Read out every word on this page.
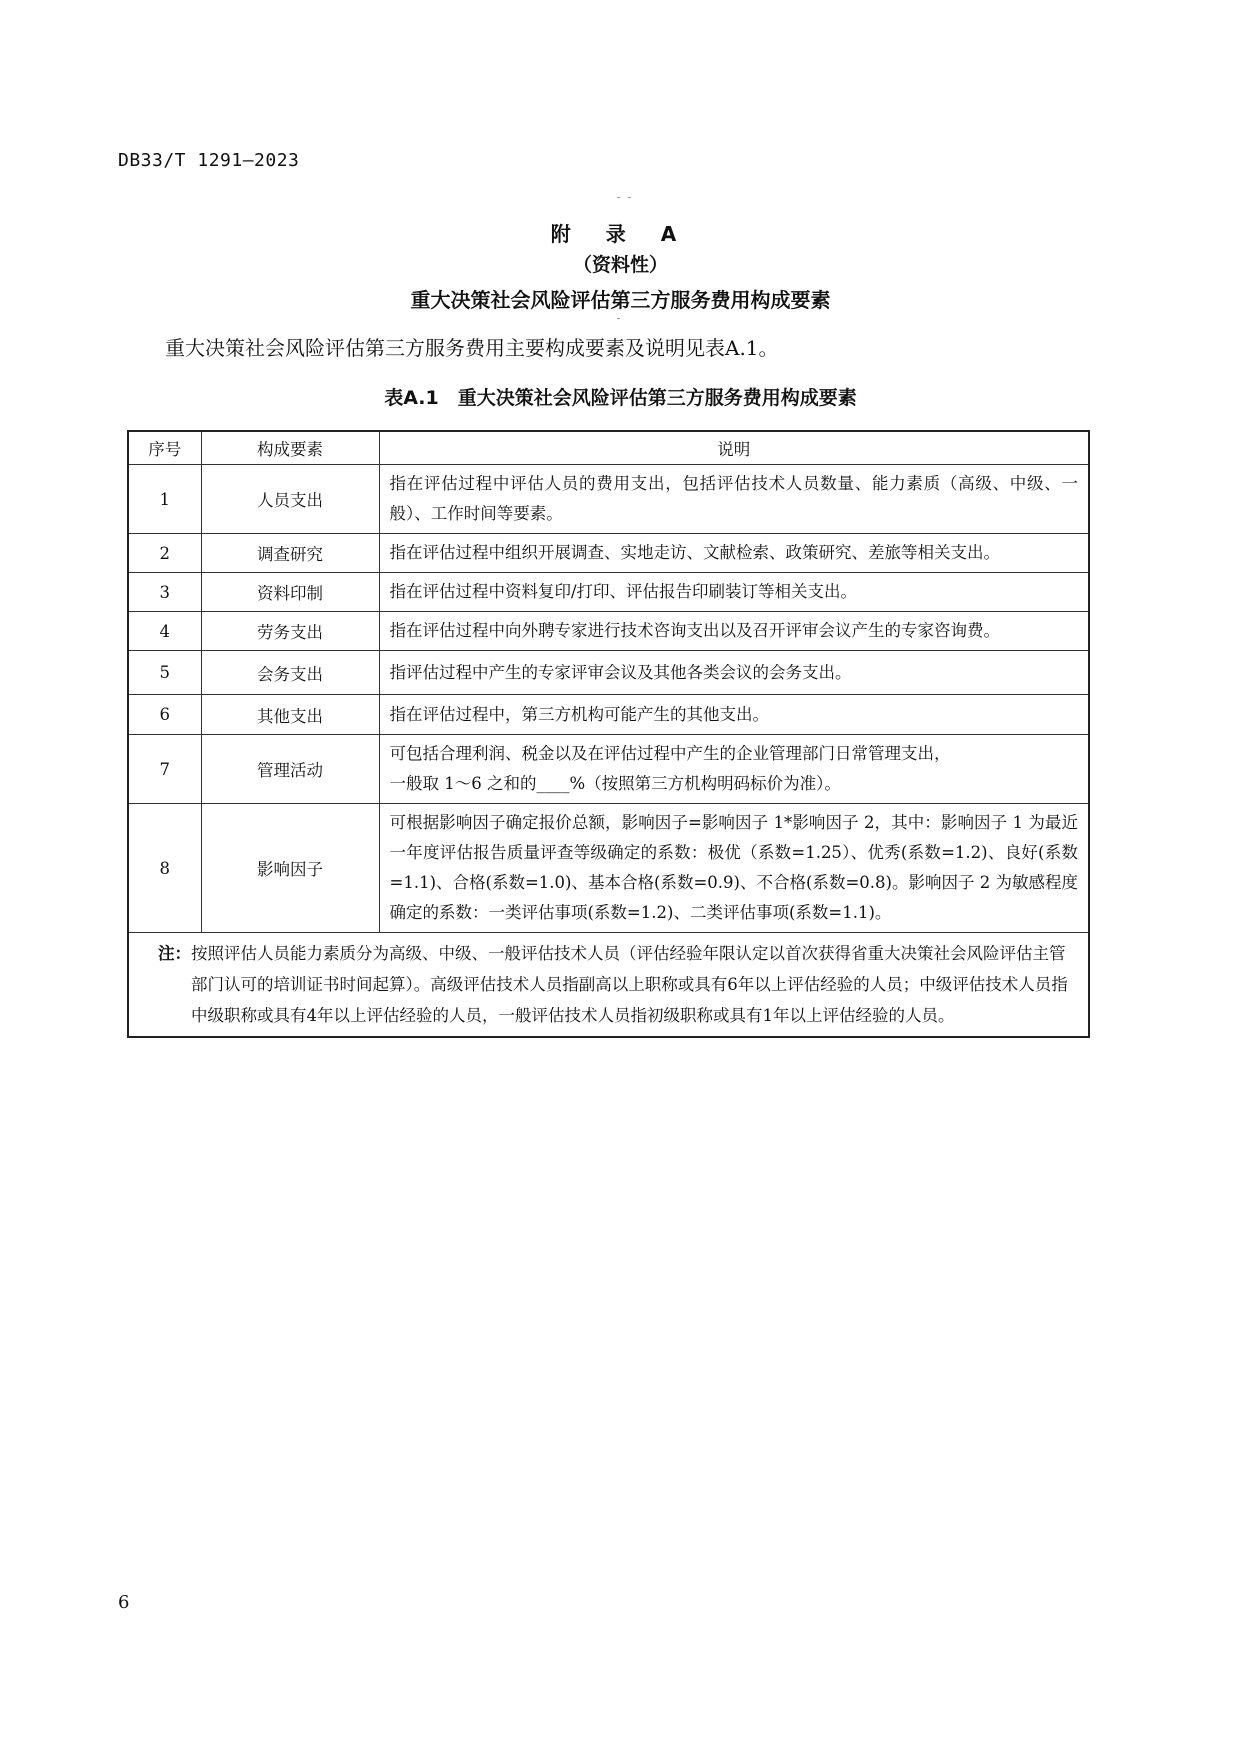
DB33/T 1291—2023
附 录 A
（资料性）
重大决策社会风险评估第三方服务费用构成要素
重大决策社会风险评估第三方服务费用主要构成要素及说明见表A.1。
表A.1　重大决策社会风险评估第三方服务费用构成要素
序号	构成要素	说明
1	人员支出	指在评估过程中评估人员的费用支出，包括评估技术人员数量、能力素质（高级、中级、一般）、工作时间等要素。
2	调查研究	指在评估过程中组织开展调查、实地走访、文献检索、政策研究、差旅等相关支出。
3	资料印制	指在评估过程中资料复印/打印、评估报告印刷装订等相关支出。
4	劳务支出	指在评估过程中向外聘专家进行技术咨询支出以及召开评审会议产生的专家咨询费。
5	会务支出	指评估过程中产生的专家评审会议及其他各类会议的会务支出。
6	其他支出	指在评估过程中，第三方机构可能产生的其他支出。
7	管理活动	可包括合理利润、税金以及在评估过程中产生的企业管理部门日常管理支出，
一般取 1～6 之和的____%（按照第三方机构明码标价为准）。

8	影响因子	可根据影响因子确定报价总额，影响因子=影响因子 1*影响因子 2，其中：影响因子 1 为最近一年度评估报告质量评查等级确定的系数：极优（系数=1.25）、优秀(系数=1.2)、良好(系数=1.1)、合格(系数=1.0)、基本合格(系数=0.9)、不合格(系数=0.8)。影响因子 2 为敏感程度确定的系数：一类评估事项(系数=1.2)、二类评估事项(系数=1.1)。

注： 按照评估人员能力素质分为高级、中级、一般评估技术人员（评估经验年限认定以首次获得省重大决策社会风险评估主管部门认可的培训证书时间起算）。高级评估技术人员指副高以上职称或具有6年以上评估经验的人员；中级评估技术人员指中级职称或具有4年以上评估经验的人员，一般评估技术人员指初级职称或具有1年以上评估经验的人员。		
6
